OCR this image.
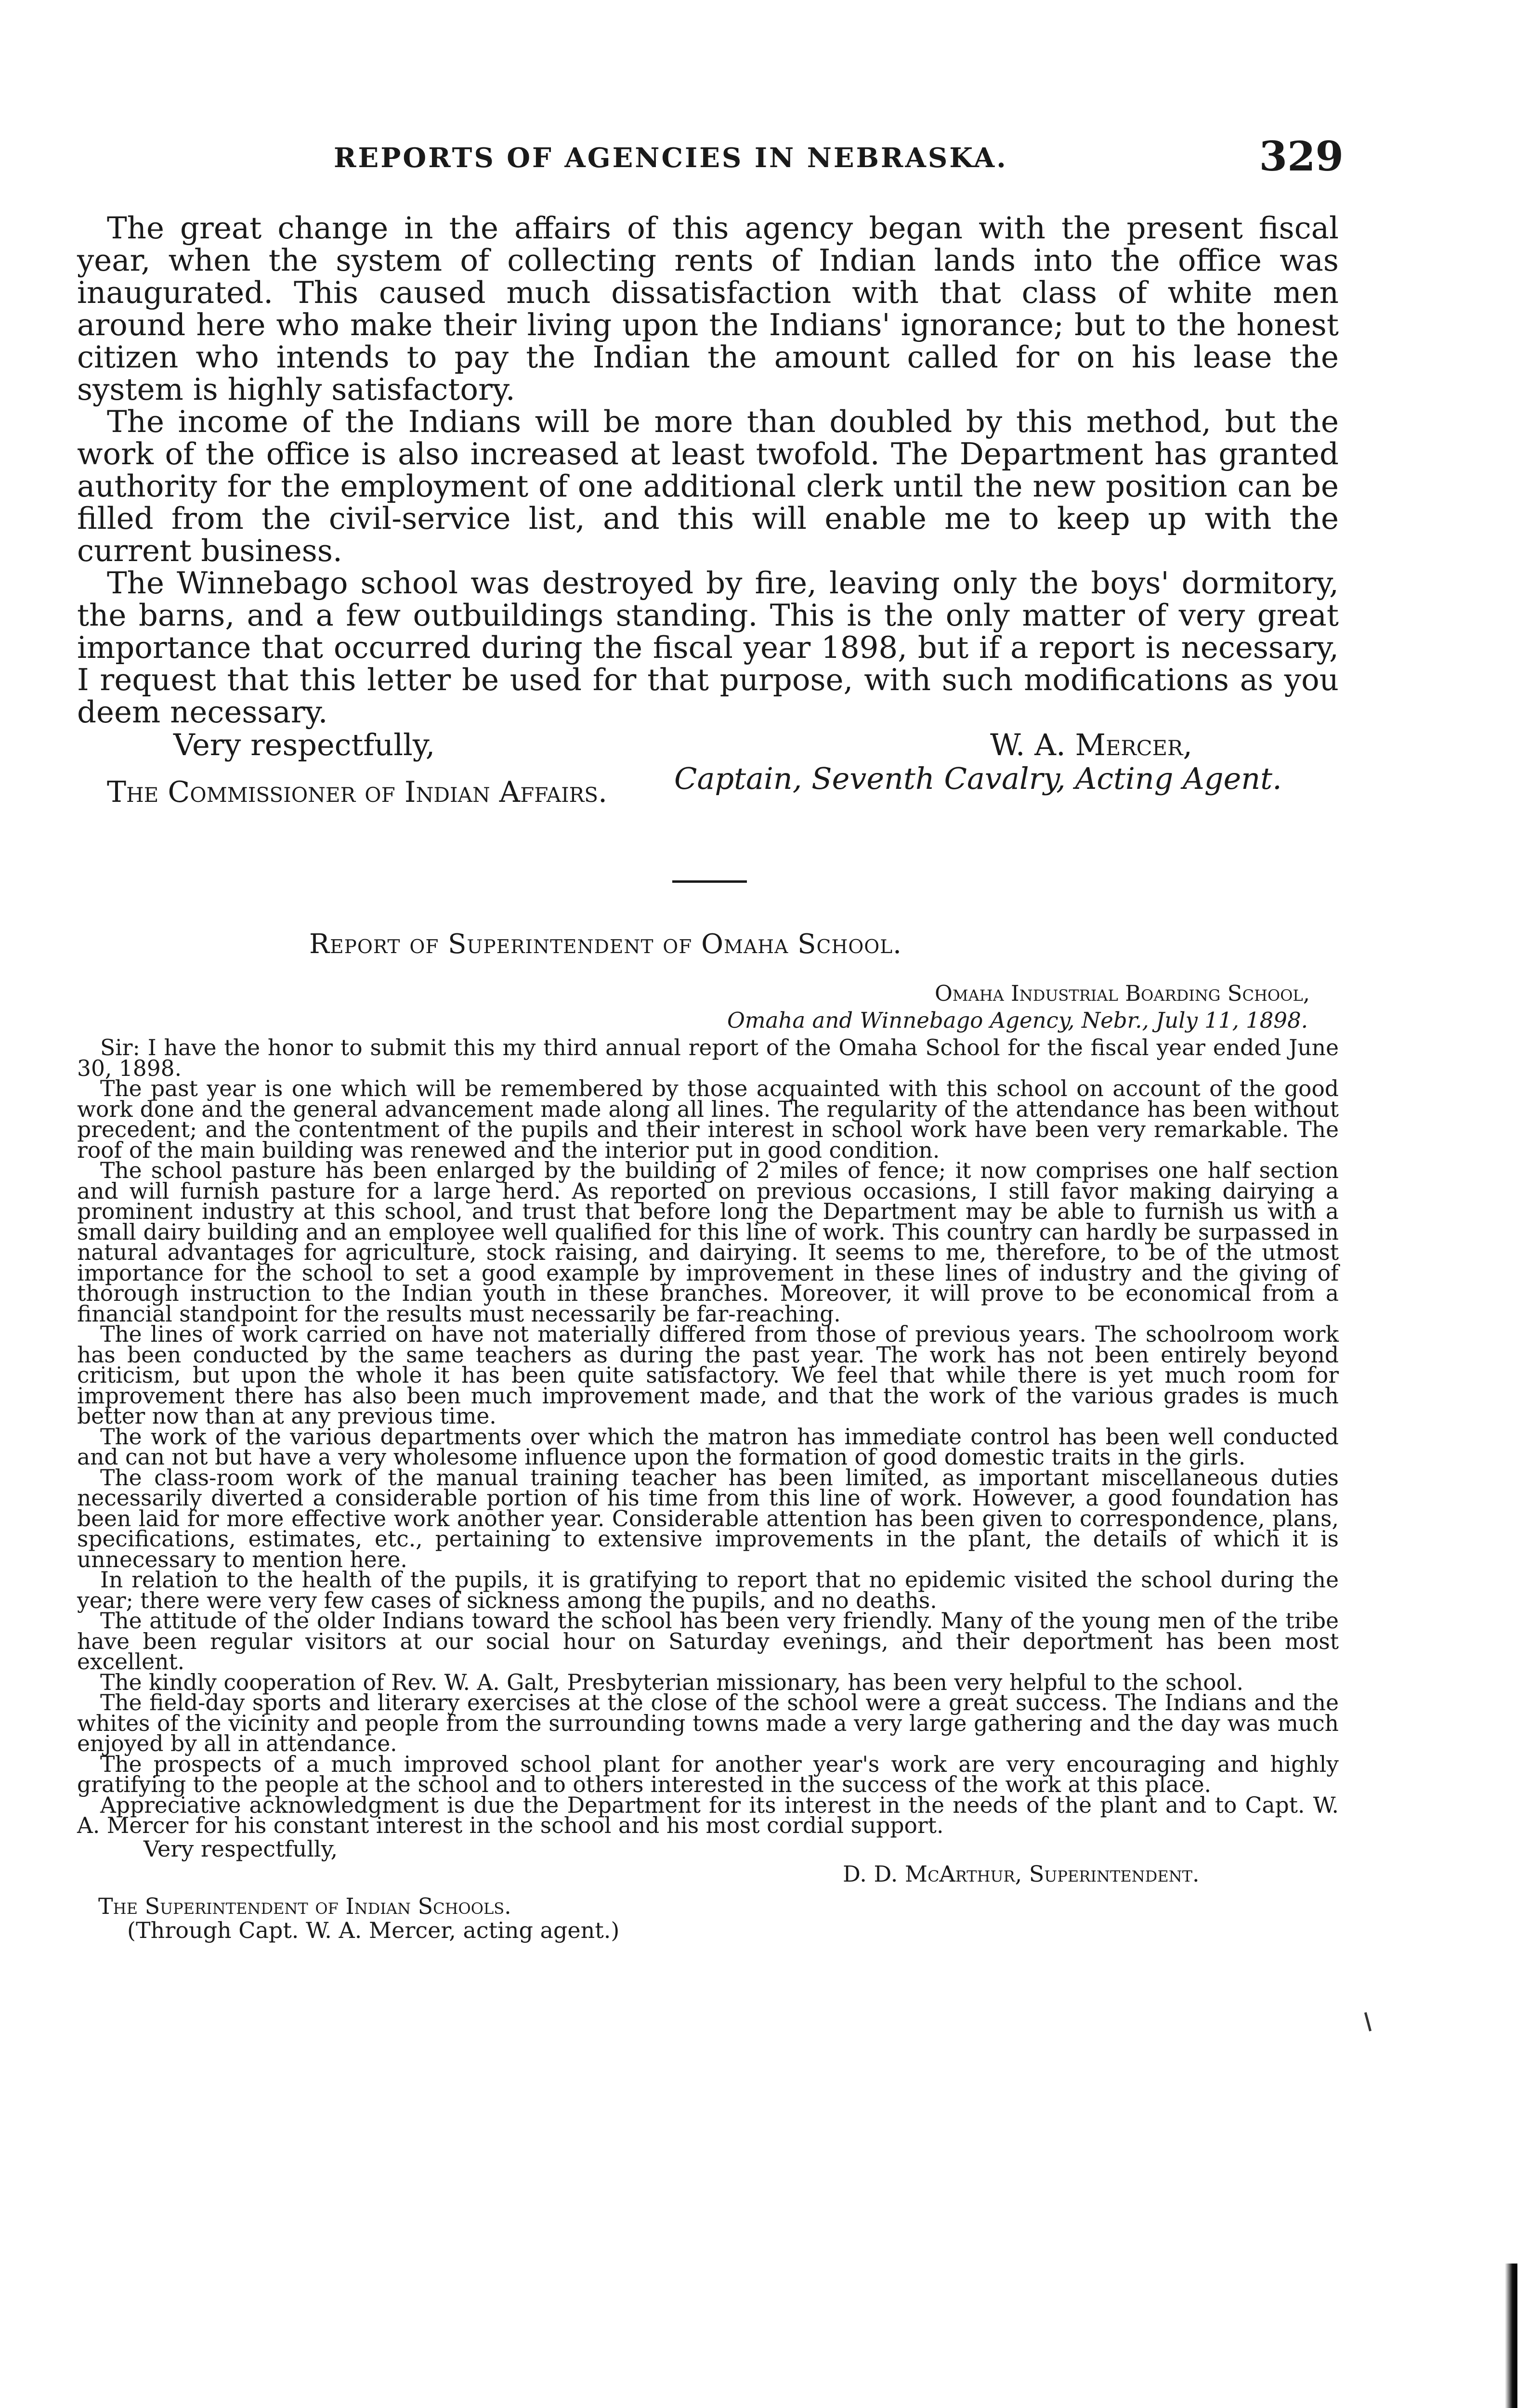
REPORTS OF AGENCIES IN NEBRASKA.	329

The great change in the affairs of this agency began with the present fiscal year, when the system of collecting rents of Indian lands into the office was inaugurated. This caused much dissatisfaction with that class of white men around here who make their living upon the Indians' ignorance; but to the honest citizen who intends to pay the Indian the amount called for on his lease the system is highly satisfactory.

The income of the Indians will be more than doubled by this method, but the work of the office is also increased at least twofold. The Department has granted authority for the employment of one additional clerk until the new position can be filled from the civil-service list, and this will enable me to keep up with the current business.

The Winnebago school was destroyed by fire, leaving only the boys' dormitory, the barns, and a few outbuildings standing. This is the only matter of very great importance that occurred during the fiscal year 1898, but if a report is necessary, I request that this letter be used for that purpose, with such modifications as you deem necessary.

Very respectfully,	W. A. Mercer,
Captain, Seventh Cavalry, Acting Agent.
The Commissioner of Indian Affairs.
Report of Superintendent of Omaha School.
Omaha Industrial Boarding School,
Omaha and Winnebago Agency, Nebr., July 11, 1898.

Sir: I have the honor to submit this my third annual report of the Omaha School for the fiscal year ended June 30, 1898.

The past year is one which will be remembered by those acquainted with this school on account of the good work done and the general advancement made along all lines. The regularity of the attendance has been without precedent; and the contentment of the pupils and their interest in school work have been very remarkable. The roof of the main building was renewed and the interior put in good condition.

The school pasture has been enlarged by the building of 2 miles of fence; it now comprises one half section and will furnish pasture for a large herd. As reported on previous occasions, I still favor making dairying a prominent industry at this school, and trust that before long the Department may be able to furnish us with a small dairy building and an employee well qualified for this line of work. This country can hardly be surpassed in natural advantages for agriculture, stock raising, and dairying. It seems to me, therefore, to be of the utmost importance for the school to set a good example by improvement in these lines of industry and the giving of thorough instruction to the Indian youth in these branches. Moreover, it will prove to be economical from a financial standpoint for the results must necessarily be far-reaching.

The lines of work carried on have not materially differed from those of previous years. The schoolroom work has been conducted by the same teachers as during the past year. The work has not been entirely beyond criticism, but upon the whole it has been quite satisfactory. We feel that while there is yet much room for improvement there has also been much improvement made, and that the work of the various grades is much better now than at any previous time.

The work of the various departments over which the matron has immediate control has been well conducted and can not but have a very wholesome influence upon the formation of good domestic traits in the girls.

The class-room work of the manual training teacher has been limited, as important miscellaneous duties necessarily diverted a considerable portion of his time from this line of work. However, a good foundation has been laid for more effective work another year. Considerable attention has been given to correspondence, plans, specifications, estimates, etc., pertaining to extensive improvements in the plant, the details of which it is unnecessary to mention here.

In relation to the health of the pupils, it is gratifying to report that no epidemic visited the school during the year; there were very few cases of sickness among the pupils, and no deaths.

The attitude of the older Indians toward the school has been very friendly. Many of the young men of the tribe have been regular visitors at our social hour on Saturday evenings, and their deportment has been most excellent.

The kindly cooperation of Rev. W. A. Galt, Presbyterian missionary, has been very helpful to the school.

The field-day sports and literary exercises at the close of the school were a great success. The Indians and the whites of the vicinity and people from the surrounding towns made a very large gathering and the day was much enjoyed by all in attendance.

The prospects of a much improved school plant for another year's work are very encouraging and highly gratifying to the people at the school and to others interested in the success of the work at this place.

Appreciative acknowledgment is due the Department for its interest in the needs of the plant and to Capt. W. A. Mercer for his constant interest in the school and his most cordial support.

Very respectfully,
D. D. McArthur, Superintendent.
The Superintendent of Indian Schools.
(Through Capt. W. A. Mercer, acting agent.)
